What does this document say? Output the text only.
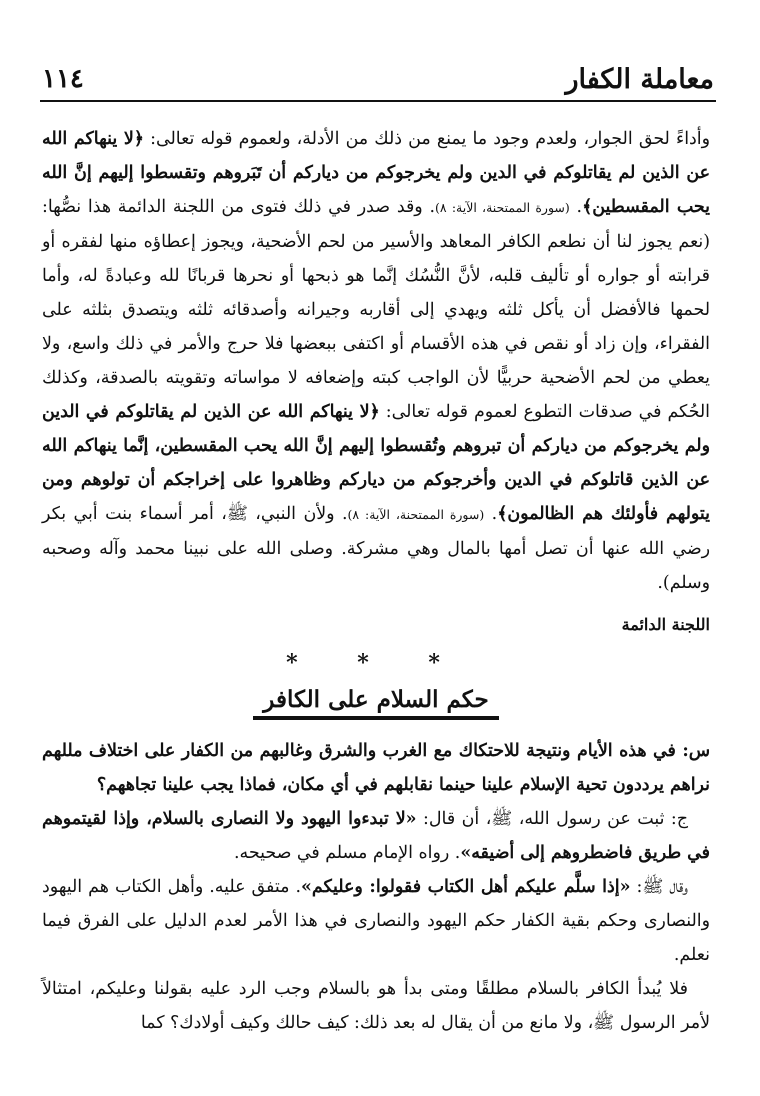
معاملة الكفار
١١٤

وأداءً لحق الجوار، ولعدم وجود ما يمنع من ذلك من الأدلة، ولعموم قوله تعالى: ﴿لا ينهاكم الله عن الذين لم يقاتلوكم في الدين ولم يخرجوكم من دياركم أن تَبَروهم وتقسطوا إليهم إنَّ الله يحب المقسطين﴾. (سورة الممتحنة، الآية: ٨). وقد صدر في ذلك فتوى من اللجنة الدائمة هذا نصُّها: (نعم يجوز لنا أن نطعم الكافر المعاهد والأسير من لحم الأضحية، ويجوز إعطاؤه منها لفقره أو قرابته أو جواره أو تأليف قلبه، لأنَّ النُّسُك إنَّما هو ذبحها أو نحرها قربانًا لله وعبادةً له، وأما لحمها فالأفضل أن يأكل ثلثه ويهدي إلى أقاربه وجيرانه وأصدقائه ثلثه ويتصدق بثلثه على الفقراء، وإن زاد أو نقص في هذه الأقسام أو اكتفى ببعضها فلا حرج والأمر في ذلك واسع، ولا يعطي من لحم الأضحية حربيًّا لأن الواجب كبته وإضعافه لا مواساته وتقويته بالصدقة، وكذلك الحُكم في صدقات التطوع لعموم قوله تعالى: ﴿لا ينهاكم الله عن الذين لم يقاتلوكم في الدين ولم يخرجوكم من دياركم أن تبروهم وتُقسطوا إليهم إنَّ الله يحب المقسطين، إنَّما ينهاكم الله عن الذين قاتلوكم في الدين وأخرجوكم من دياركم وظاهروا على إخراجكم أن تولوهم ومن يتولهم فأولئك هم الظالمون﴾. (سورة الممتحنة، الآية: ٨). ولأن النبي، ﷺ، أمر أسماء بنت أبي بكر رضي الله عنها أن تصل أمها بالمال وهي مشركة. وصلى الله على نبينا محمد وآله وصحبه وسلم).

اللجنة الدائمة

* * *
حكم السلام على الكافر

س: في هذه الأيام ونتيجة للاحتكاك مع الغرب والشرق وغالبهم من الكفار على اختلاف مللهم نراهم يرددون تحية الإسلام علينا حينما نقابلهم في أي مكان، فماذا يجب علينا تجاههم؟

ج: ثبت عن رسول الله، ﷺ، أن قال: «لا تبدءوا اليهود ولا النصارى بالسلام، وإذا لقيتموهم في طريق فاضطروهم إلى أضيقه». رواه الإمام مسلم في صحيحه.

وقال ﷺ: «إذا سلَّم عليكم أهل الكتاب فقولوا: وعليكم». متفق عليه. وأهل الكتاب هم اليهود والنصارى وحكم بقية الكفار حكم اليهود والنصارى في هذا الأمر لعدم الدليل على الفرق فيما نعلم.

فلا يُبدأ الكافر بالسلام مطلقًا ومتى بدأ هو بالسلام وجب الرد عليه بقولنا وعليكم، امتثالاً لأمر الرسول ﷺ، ولا مانع من أن يقال له بعد ذلك: كيف حالك وكيف أولادك؟ كما
